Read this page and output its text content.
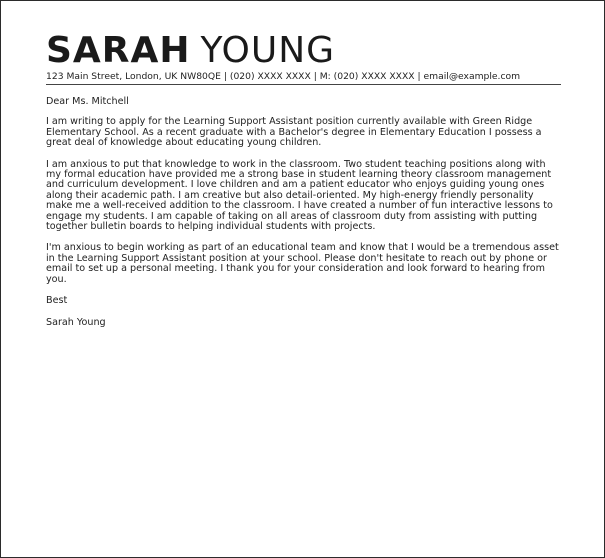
SARAH YOUNG
123 Main Street, London, UK NW80QE | (020) XXXX XXXX | M: (020) XXXX XXXX | email@example.com

Dear Ms. Mitchell

I am writing to apply for the Learning Support Assistant position currently available with Green Ridge Elementary School. As a recent graduate with a Bachelor's degree in Elementary Education I possess a great deal of knowledge about educating young children.

I am anxious to put that knowledge to work in the classroom. Two student teaching positions along with my formal education have provided me a strong base in student learning theory classroom management and curriculum development. I love children and am a patient educator who enjoys guiding young ones along their academic path. I am creative but also detail-oriented. My high-energy friendly personality make me a well-received addition to the classroom. I have created a number of fun interactive lessons to engage my students. I am capable of taking on all areas of classroom duty from assisting with putting together bulletin boards to helping individual students with projects.

I'm anxious to begin working as part of an educational team and know that I would be a tremendous asset in the Learning Support Assistant position at your school. Please don't hesitate to reach out by phone or email to set up a personal meeting. I thank you for your consideration and look forward to hearing from you.

Best

Sarah Young
